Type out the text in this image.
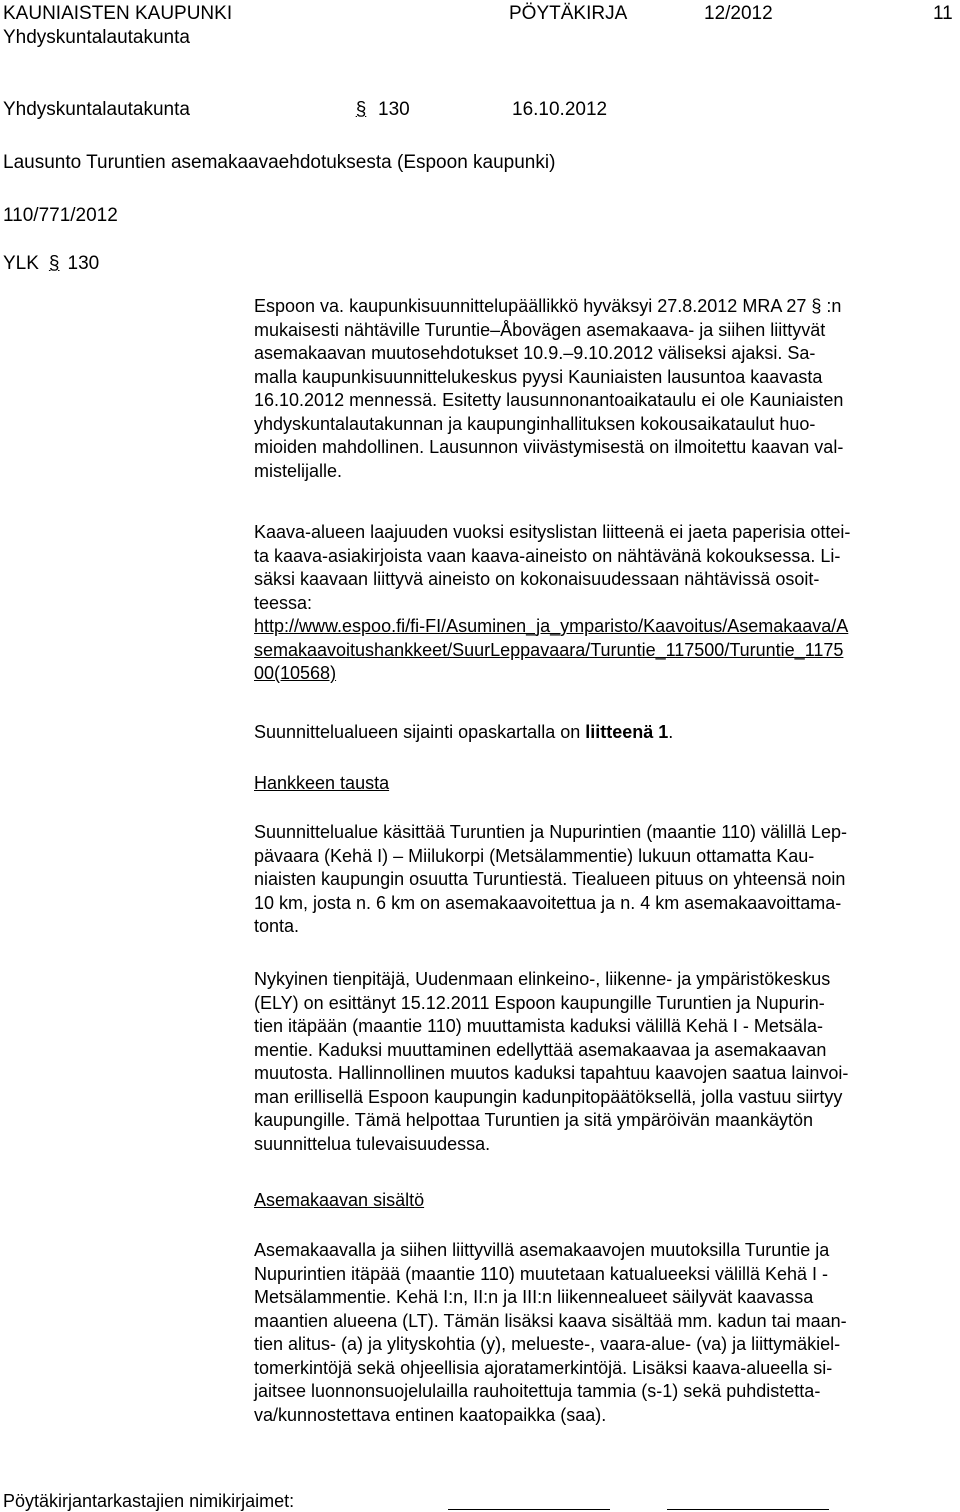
KAUNIAISTEN KAUPUNKI
Yhdyskuntalautakunta
PÖYTÄKIRJA	12/2012	11
Yhdyskuntalautakunta	§ 130	16.10.2012
Lausunto Turuntien asemakaavaehdotuksesta (Espoon kaupunki)
110/771/2012
YLK § 130
Espoon va. kaupunkisuunnittelupäällikkö hyväksyi 27.8.2012 MRA 27 § :n
mukaisesti nähtäville Turuntie–Åbovägen asemakaava- ja siihen liittyvät
asemakaavan muutosehdotukset 10.9.–9.10.2012 väliseksi ajaksi. Sa-
malla kaupunkisuunnittelukeskus pyysi Kauniaisten lausuntoa kaavasta
16.10.2012 mennessä. Esitetty lausunnonantoaikataulu ei ole Kauniaisten
yhdyskuntalautakunnan ja kaupunginhallituksen kokousaikataulut huo-
mioiden mahdollinen. Lausunnon viivästymisestä on ilmoitettu kaavan val-
mistelijalle.
Kaava-alueen laajuuden vuoksi esityslistan liitteenä ei jaeta paperisia ottei-
ta kaava-asiakirjoista vaan kaava-aineisto on nähtävänä kokouksessa. Li-
säksi kaavaan liittyvä aineisto on kokonaisuudessaan nähtävissä osoit-
teessa:
http://www.espoo.fi/fi-FI/Asuminen_ja_ymparisto/Kaavoitus/Asemakaava/A
semakaavoitushankkeet/SuurLeppavaara/Turuntie_117500/Turuntie_1175
00(10568)
Suunnittelualueen sijainti opaskartalla on liitteenä 1.
Hankkeen tausta
Suunnittelualue käsittää Turuntien ja Nupurintien (maantie 110) välillä Lep-
pävaara (Kehä I) – Miilukorpi (Metsälammentie) lukuun ottamatta Kau-
niaisten kaupungin osuutta Turuntiestä. Tiealueen pituus on yhteensä noin
10 km, josta n. 6 km on asemakaavoitettua ja n. 4 km asemakaavoittama-
tonta.
Nykyinen tienpitäjä, Uudenmaan elinkeino-, liikenne- ja ympäristökeskus
(ELY) on esittänyt 15.12.2011 Espoon kaupungille Turuntien ja Nupurin-
tien itäpään (maantie 110) muuttamista kaduksi välillä Kehä I - Metsäla-
mentie. Kaduksi muuttaminen edellyttää asemakaavaa ja asemakaavan
muutosta. Hallinnollinen muutos kaduksi tapahtuu kaavojen saatua lainvoi-
man erillisellä Espoon kaupungin kadunpitopäätöksellä, jolla vastuu siirtyy
kaupungille. Tämä helpottaa Turuntien ja sitä ympäröivän maankäytön
suunnittelua tulevaisuudessa.
Asemakaavan sisältö
Asemakaavalla ja siihen liittyvillä asemakaavojen muutoksilla Turuntie ja
Nupurintien itäpää (maantie 110) muutetaan katualueeksi välillä Kehä I -
Metsälammentie. Kehä I:n, II:n ja III:n liikennealueet säilyvät kaavassa
maantien alueena (LT). Tämän lisäksi kaava sisältää mm. kadun tai maan-
tien alitus- (a) ja ylityskohtia (y), melueste-, vaara-alue- (va) ja liittymäkiel-
tomerkintöjä sekä ohjeellisia ajoratamerkintöjä. Lisäksi kaava-alueella si-
jaitsee luonnonsuojelulailla rauhoitettuja tammia (s-1) sekä puhdistetta-
va/kunnostettava entinen kaatopaikka (saa).
Pöytäkirjantarkastajien nimikirjaimet:
